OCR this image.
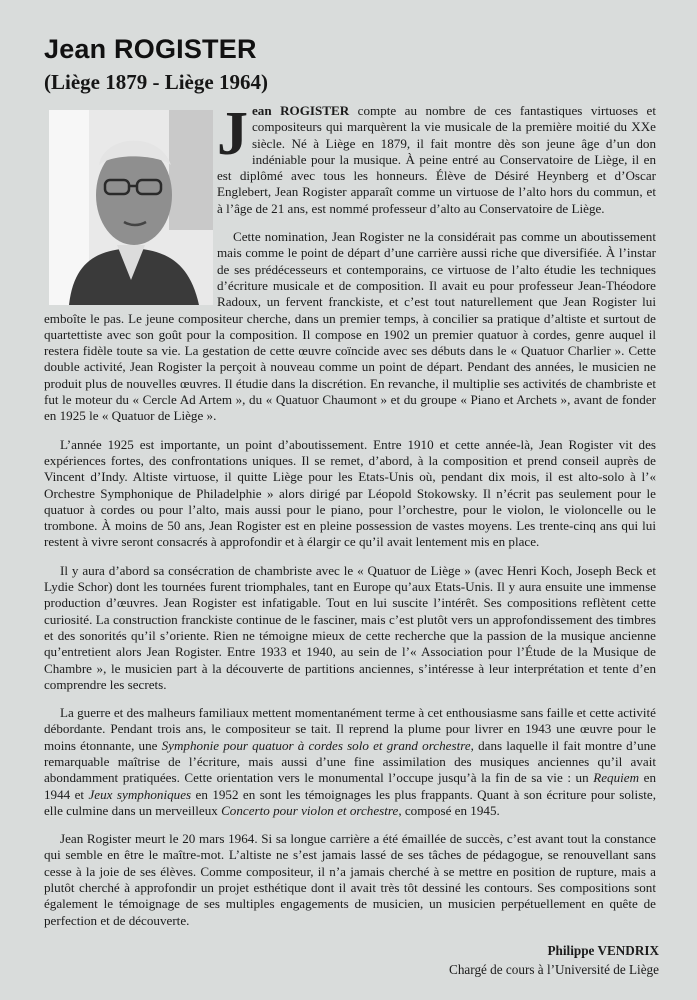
Jean ROGISTER
(Liège 1879 - Liège 1964)

Jean ROGISTER compte au nombre de ces fantastiques virtuoses et compositeurs qui marquèrent la vie musicale de la première moitié du XXe siècle. Né à Liège en 1879, il fait montre dès son jeune âge d’un don indéniable pour la musique. À peine entré au Conservatoire de Liège, il en est diplômé avec tous les honneurs. Élève de Désiré Heynberg et d’Oscar Englebert, Jean Rogister apparaît comme un virtuose de l’alto hors du commun, et à l’âge de 21 ans, est nommé professeur d’alto au Conservatoire de Liège.

Cette nomination, Jean Rogister ne la considérait pas comme un aboutissement mais comme le point de départ d’une carrière aussi riche que diversifiée. À l’instar de ses prédécesseurs et contemporains, ce virtuose de l’alto étudie les techniques d’écriture musicale et de composition. Il avait eu pour professeur Jean-Théodore Radoux, un fervent franckiste, et c’est tout naturellement que Jean Rogister lui emboîte le pas. Le jeune compositeur cherche, dans un premier temps, à concilier sa pratique d’altiste et surtout de quartettiste avec son goût pour la composition. Il compose en 1902 un premier quatuor à cordes, genre auquel il restera fidèle toute sa vie. La gestation de cette œuvre coïncide avec ses débuts dans le « Quatuor Charlier ». Cette double activité, Jean Rogister la perçoit à nouveau comme un point de départ. Pendant des années, le musicien ne produit plus de nouvelles œuvres. Il étudie dans la discrétion. En revanche, il multiplie ses activités de chambriste et fut le moteur du « Cercle Ad Artem », du « Quatuor Chaumont » et du groupe « Piano et Archets », avant de fonder en 1925 le « Quatuor de Liège ».

L’année 1925 est importante, un point d’aboutissement. Entre 1910 et cette année-là, Jean Rogister vit des expériences fortes, des confrontations uniques. Il se remet, d’abord, à la composition et prend conseil auprès de Vincent d’Indy. Altiste virtuose, il quitte Liège pour les Etats-Unis où, pendant dix mois, il est alto-solo à l’« Orchestre Symphonique de Philadelphie » alors dirigé par Léopold Stokowsky. Il n’écrit pas seulement pour le quatuor à cordes ou pour l’alto, mais aussi pour le piano, pour l’orchestre, pour le violon, le violoncelle ou le trombone. À moins de 50 ans, Jean Rogister est en pleine possession de vastes moyens. Les trente-cinq ans qui lui restent à vivre seront consacrés à approfondir et à élargir ce qu’il avait lentement mis en place.

Il y aura d’abord sa consécration de chambriste avec le « Quatuor de Liège » (avec Henri Koch, Joseph Beck et Lydie Schor) dont les tournées furent triomphales, tant en Europe qu’aux Etats-Unis. Il y aura ensuite une immense production d’œuvres. Jean Rogister est infatigable. Tout en lui suscite l’intérêt. Ses compositions reflètent cette curiosité. La construction franckiste continue de le fasciner, mais c’est plutôt vers un approfondissement des timbres et des sonorités qu’il s’oriente. Rien ne témoigne mieux de cette recherche que la passion de la musique ancienne qu’entretient alors Jean Rogister. Entre 1933 et 1940, au sein de l’« Association pour l’Étude de la Musique de Chambre », le musicien part à la découverte de partitions anciennes, s’intéresse à leur interprétation et tente d’en comprendre les secrets.

La guerre et des malheurs familiaux mettent momentanément terme à cet enthousiasme sans faille et cette activité débordante. Pendant trois ans, le compositeur se tait. Il reprend la plume pour livrer en 1943 une œuvre pour le moins étonnante, une Symphonie pour quatuor à cordes solo et grand orchestre, dans laquelle il fait montre d’une remarquable maîtrise de l’écriture, mais aussi d’une fine assimilation des musiques anciennes qu’il avait abondamment pratiquées. Cette orientation vers le monumental l’occupe jusqu’à la fin de sa vie : un Requiem en 1944 et Jeux symphoniques en 1952 en sont les témoignages les plus frappants. Quant à son écriture pour soliste, elle culmine dans un merveilleux Concerto pour violon et orchestre, composé en 1945.

Jean Rogister meurt le 20 mars 1964. Si sa longue carrière a été émaillée de succès, c’est avant tout la constance qui semble en être le maître-mot. L’altiste ne s’est jamais lassé de ses tâches de pédagogue, se renouvellant sans cesse à la joie de ses élèves. Comme compositeur, il n’a jamais cherché à se mettre en position de rupture, mais a plutôt cherché à approfondir un projet esthétique dont il avait très tôt dessiné les contours. Ses compositions sont également le témoignage de ses multiples engagements de musicien, un musicien perpétuellement en quête de perfection et de découverte.

Philippe VENDRIX
Chargé de cours à l’Université de Liège
